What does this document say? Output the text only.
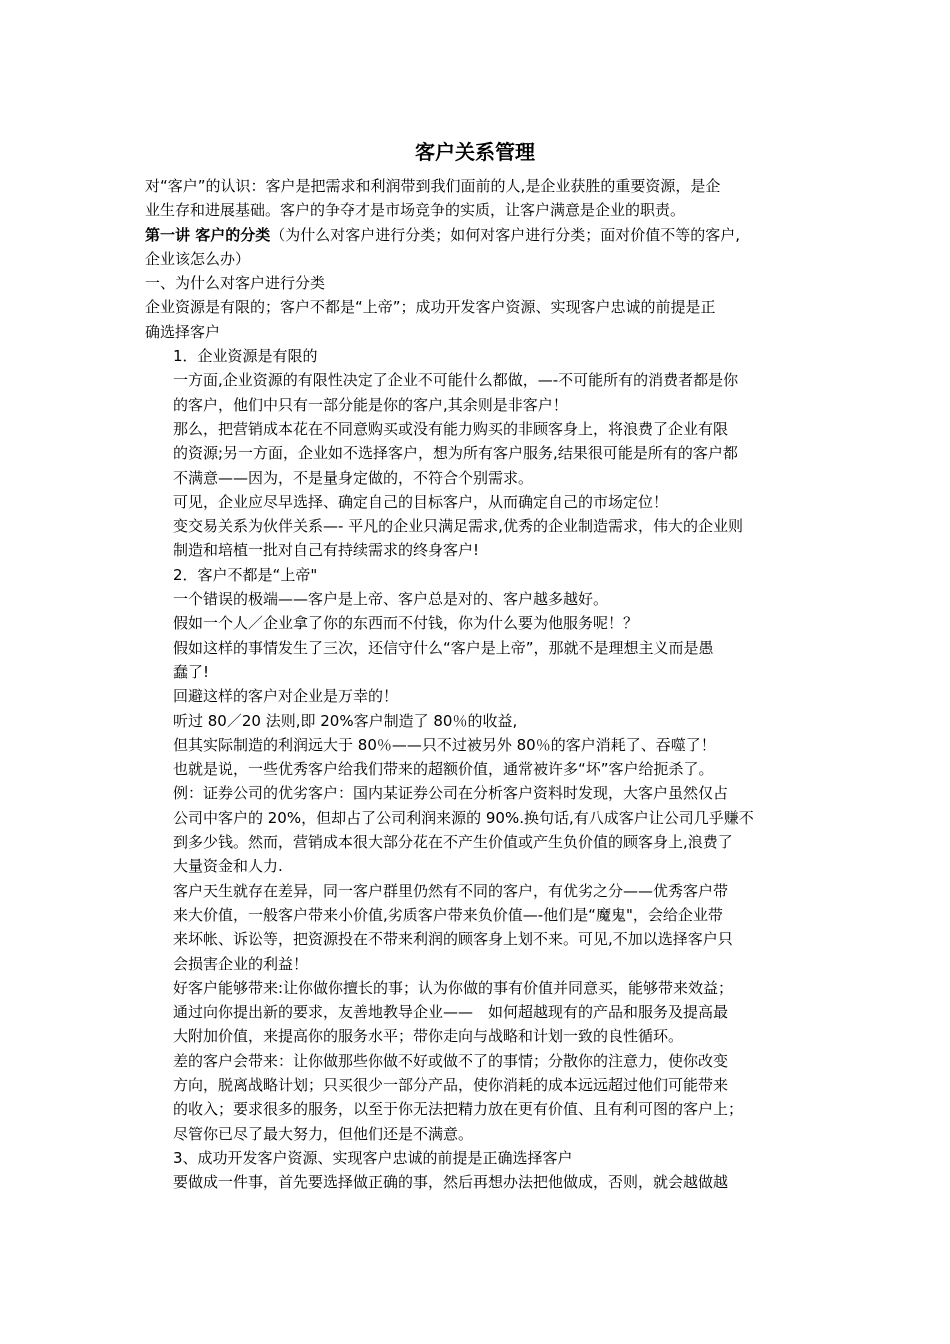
客户关系管理

对“客户”的认识：客户是把需求和利润带到我们面前的人,是企业获胜的重要资源，是企

业生存和进展基础。客户的争夺才是市场竞争的实质，让客户满意是企业的职责。

第一讲 客户的分类（为什么对客户进行分类；如何对客户进行分类；面对价值不等的客户,

企业该怎么办）

一、为什么对客户进行分类

企业资源是有限的；客户不都是“上帝”；成功开发客户资源、实现客户忠诚的前提是正

确选择客户

1．企业资源是有限的

一方面,企业资源的有限性决定了企业不可能什么都做，—-不可能所有的消费者都是你

的客户，他们中只有一部分能是你的客户,其余则是非客户！

那么，把营销成本花在不同意购买或没有能力购买的非顾客身上，将浪费了企业有限

的资源;另一方面，企业如不选择客户，想为所有客户服务,结果很可能是所有的客户都

不满意——因为，不是量身定做的，不符合个别需求。

可见，企业应尽早选择、确定自己的目标客户，从而确定自己的市场定位！

变交易关系为伙伴关系—- 平凡的企业只满足需求,优秀的企业制造需求，伟大的企业则

制造和培植一批对自己有持续需求的终身客户!

2．客户不都是“上帝"

一个错误的极端——客户是上帝、客户总是对的、客户越多越好。

假如一个人／企业拿了你的东西而不付钱，你为什么要为他服务呢！？

假如这样的事情发生了三次，还信守什么“客户是上帝”，那就不是理想主义而是愚

蠢了!

回避这样的客户对企业是万幸的！

听过 80／20 法则,即 20%客户制造了 80％的收益,

但其实际制造的利润远大于 80％——只不过被另外 80％的客户消耗了、吞噬了！

也就是说，一些优秀客户给我们带来的超额价值，通常被许多“坏”客户给扼杀了。

例：证券公司的优劣客户：国内某证券公司在分析客户资料时发现，大客户虽然仅占

公司中客户的 20%，但却占了公司利润来源的 90%.换句话,有八成客户让公司几乎赚不

到多少钱。然而，营销成本很大部分花在不产生价值或产生负价值的顾客身上,浪费了

大量资金和人力.

客户天生就存在差异，同一客户群里仍然有不同的客户，有优劣之分——优秀客户带

来大价值，一般客户带来小价值,劣质客户带来负价值—-他们是“魔鬼"，会给企业带

来坏帐、诉讼等，把资源投在不带来利润的顾客身上划不来。可见,不加以选择客户只

会损害企业的利益！

好客户能够带来:让你做你擅长的事；认为你做的事有价值并同意买，能够带来效益；

通过向你提出新的要求，友善地教导企业——　如何超越现有的产品和服务及提高最

大附加价值，来提高你的服务水平；带你走向与战略和计划一致的良性循环。

差的客户会带来：让你做那些你做不好或做不了的事情；分散你的注意力，使你改变

方向，脱离战略计划；只买很少一部分产品，使你消耗的成本远远超过他们可能带来

的收入；要求很多的服务，以至于你无法把精力放在更有价值、且有利可图的客户上；

尽管你已尽了最大努力，但他们还是不满意。

3、成功开发客户资源、实现客户忠诚的前提是正确选择客户

要做成一件事，首先要选择做正确的事，然后再想办法把他做成，否则，就会越做越
